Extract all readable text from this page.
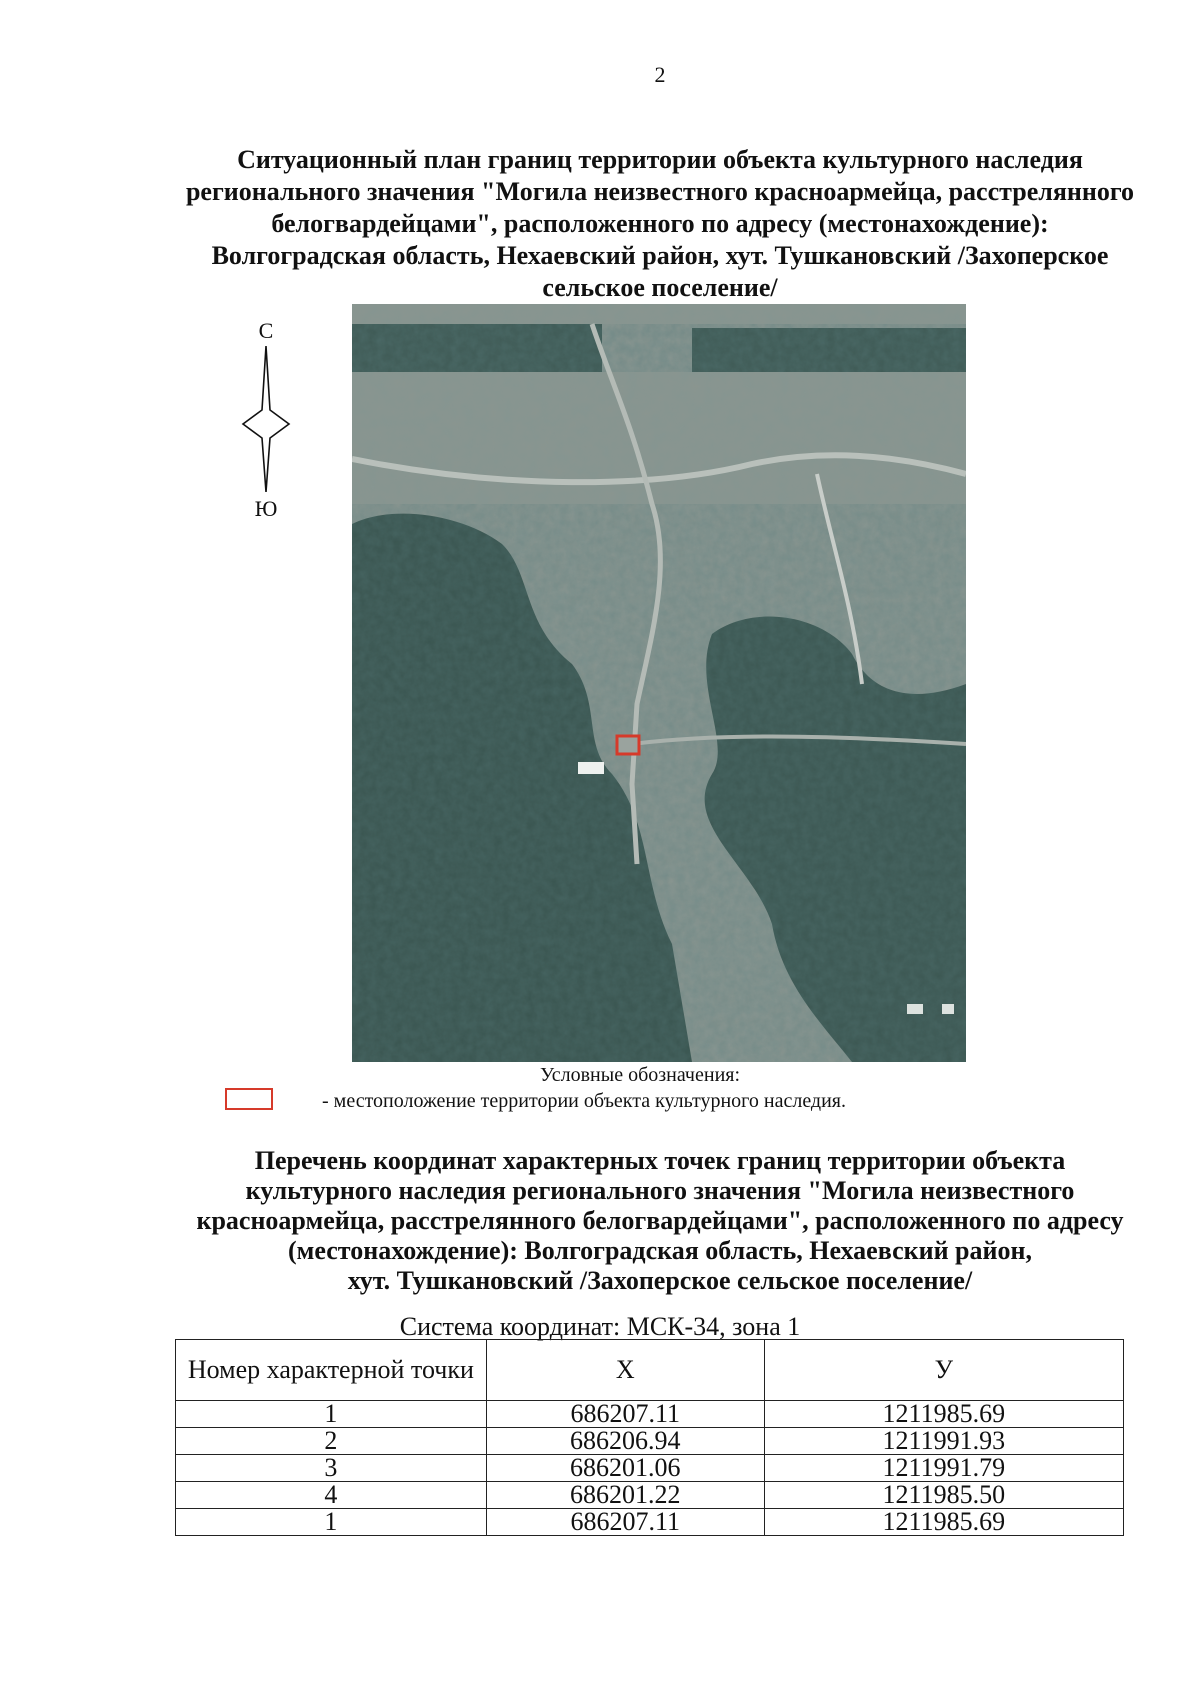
2
Ситуационный план границ территории объекта культурного наследия
регионального значения "Могила неизвестного красноармейца, расстрелянного
белогвардейцами", расположенного по адресу (местонахождение):
Волгоградская область, Нехаевский район, хут. Тушкановский /Захоперское
сельское поселение/
С
Ю
Условные обозначения:
- местоположение территории объекта культурного наследия.
Перечень координат характерных точек границ территории объекта
культурного наследия регионального значения "Могила неизвестного
красноармейца, расстрелянного белогвардейцами", расположенного по адресу
(местонахождение): Волгоградская область, Нехаевский район,
хут. Тушкановский /Захоперское сельское поселение/
Система координат: МСК-34, зона 1
Номер характерной точки	X	У
1	686207.11	1211985.69
2	686206.94	1211991.93
3	686201.06	1211991.79
4	686201.22	1211985.50
1	686207.11	1211985.69
